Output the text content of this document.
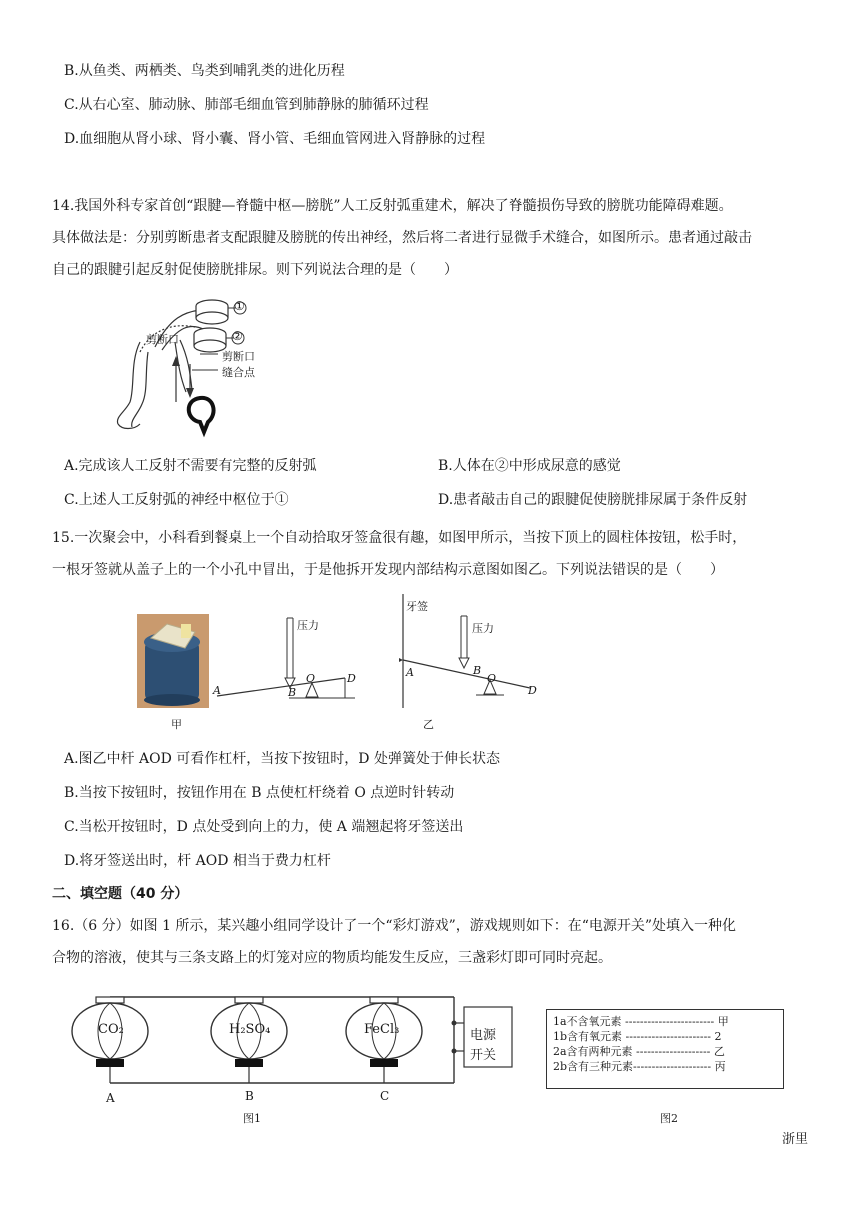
B.从鱼类、两栖类、鸟类到哺乳类的进化历程
C.从右心室、肺动脉、肺部毛细血管到肺静脉的肺循环过程
D.血细胞从肾小球、肾小囊、肾小管、毛细血管网进入肾静脉的过程
14.我国外科专家首创“跟腱—脊髓中枢—膀胱”人工反射弧重建术，解决了脊髓损伤导致的膀胱功能障碍难题。
具体做法是：分别剪断患者支配跟腱及膀胱的传出神经，然后将二者进行显微手术缝合，如图所示。患者通过敲击
自己的跟腱引起反射促使膀胱排尿。则下列说法合理的是（　　）
①
②
剪断口
剪断口
缝合点
A.完成该人工反射不需要有完整的反射弧	B.人体在②中形成尿意的感觉
C.上述人工反射弧的神经中枢位于①	D.患者敲击自己的跟腱促使膀胱排尿属于条件反射
15.一次聚会中，小科看到餐桌上一个自动拾取牙签盒很有趣，如图甲所示，当按下顶上的圆柱体按钮，松手时，
一根牙签就从盖子上的一个小孔中冒出，于是他拆开发现内部结构示意图如图乙。下列说法错误的是（　　）
压力
A	B
O	D
甲
牙签
压力
A	B
O
D
乙
A.图乙中杆 AOD 可看作杠杆，当按下按钮时，D 处弹簧处于伸长状态
B.当按下按钮时，按钮作用在 B 点使杠杆绕着 O 点逆时针转动
C.当松开按钮时，D 点处受到向上的力，使 A 端翘起将牙签送出
D.将牙签送出时，杆 AOD 相当于费力杠杆
二、填空题（40 分）
16.（6 分）如图 1 所示，某兴趣小组同学设计了一个“彩灯游戏”，游戏规则如下：在“电源开关”处填入一种化
合物的溶液，使其与三条支路上的灯笼对应的物质均能发生反应，三盏彩灯即可同时亮起。
CO₂	H₂SO₄	FeCl₃
A	B	C
电源
开关
图1
1a不含氧元素 ------------------------ 甲
1b含有氧元素 ----------------------- 2
2a含有两种元素 -------------------- 乙
2b含有三种元素--------------------- 丙
图2
浙里
